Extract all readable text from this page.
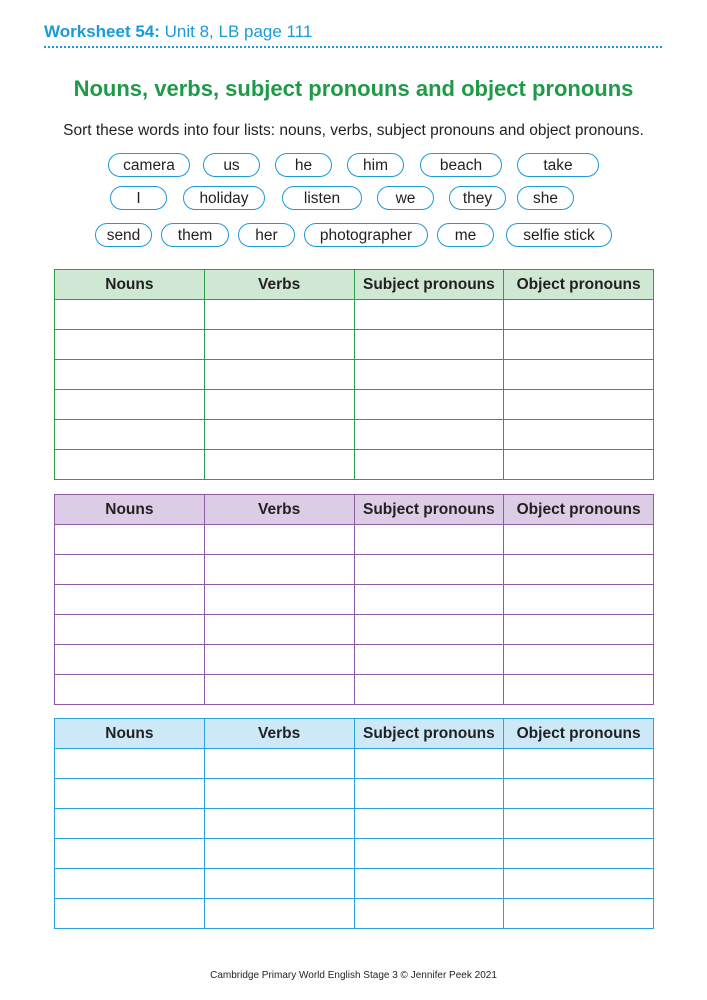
Worksheet 54: Unit 8, LB page 111
Nouns, verbs, subject pronouns and object pronouns
Sort these words into four lists: nouns, verbs, subject pronouns and object pronouns.
camera	us	he	him	beach	take
I	holiday	listen	we	they	she
send	them	her	photographer	me	selfie stick
Nouns	Verbs	Subject pronouns	Object pronouns

Nouns	Verbs	Subject pronouns	Object pronouns

Nouns	Verbs	Subject pronouns	Object pronouns

Cambridge Primary World English Stage 3 © Jennifer Peek 2021
